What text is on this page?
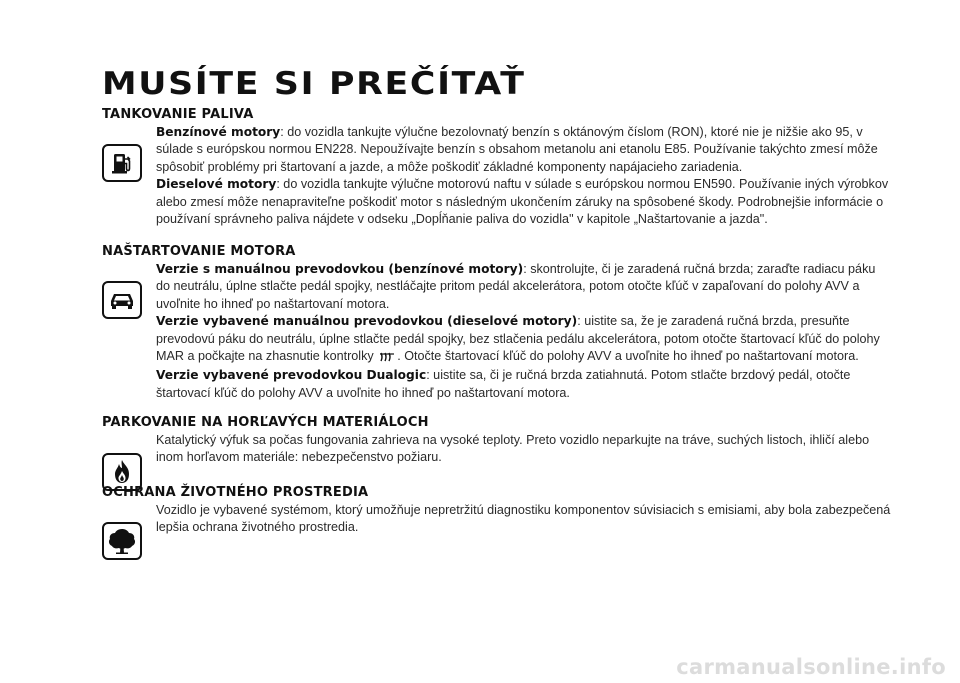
MUSÍTE SI PREČÍTAŤ
TANKOVANIE PALIVA

Benzínové motory: do vozidla tankujte výlučne bezolovnatý benzín s oktánovým číslom (RON), ktoré nie je nižšie ako 95, v súlade s európskou normou EN228. Nepoužívajte benzín s obsahom metanolu ani etanolu E85. Používanie takýchto zmesí môže spôsobiť problémy pri štartovaní a jazde, a môže poškodiť základné komponenty napájacieho zariadenia.

Dieselové motory: do vozidla tankujte výlučne motorovú naftu v súlade s európskou normou EN590. Používanie iných výrobkov alebo zmesí môže nenapraviteľne poškodiť motor s následným ukončením záruky na spôsobené škody. Podrobnejšie informácie o používaní správneho paliva nájdete v odseku „Dopĺňanie paliva do vozidla" v kapitole „Naštartovanie a jazda".

NAŠTARTOVANIE MOTORA

Verzie s manuálnou prevodovkou (benzínové motory): skontrolujte, či je zaradená ručná brzda; zaraďte radiacu páku do neutrálu, úplne stlačte pedál spojky, nestláčajte pritom pedál akcelerátora, potom otočte kľúč v zapaľovaní do polohy AVV a uvoľnite ho ihneď po naštartovaní motora.

Verzie vybavené manuálnou prevodovkou (dieselové motory): uistite sa, že je zaradená ručná brzda, presuňte prevodovú páku do neutrálu, úplne stlačte pedál spojky, bez stlačenia pedálu akcelerátora, potom otočte štartovací kľúč do polohy MAR a počkajte na zhasnutie kontrolky . Otočte štartovací kľúč do polohy AVV a uvoľnite ho ihneď po naštartovaní motora.

Verzie vybavené prevodovkou Dualogic: uistite sa, či je ručná brzda zatiahnutá. Potom stlačte brzdový pedál, otočte štartovací kľúč do polohy AVV a uvoľnite ho ihneď po naštartovaní motora.

PARKOVANIE NA HORĽAVÝCH MATERIÁLOCH

Katalytický výfuk sa počas fungovania zahrieva na vysoké teploty. Preto vozidlo neparkujte na tráve, suchých listoch, ihličí alebo inom horľavom materiále: nebezpečenstvo požiaru.

OCHRANA ŽIVOTNÉHO PROSTREDIA

Vozidlo je vybavené systémom, ktorý umožňuje nepretržitú diagnostiku komponentov súvisiacich s emisiami, aby bola zabezpečená lepšia ochrana životného prostredia.

carmanualsonline.info
